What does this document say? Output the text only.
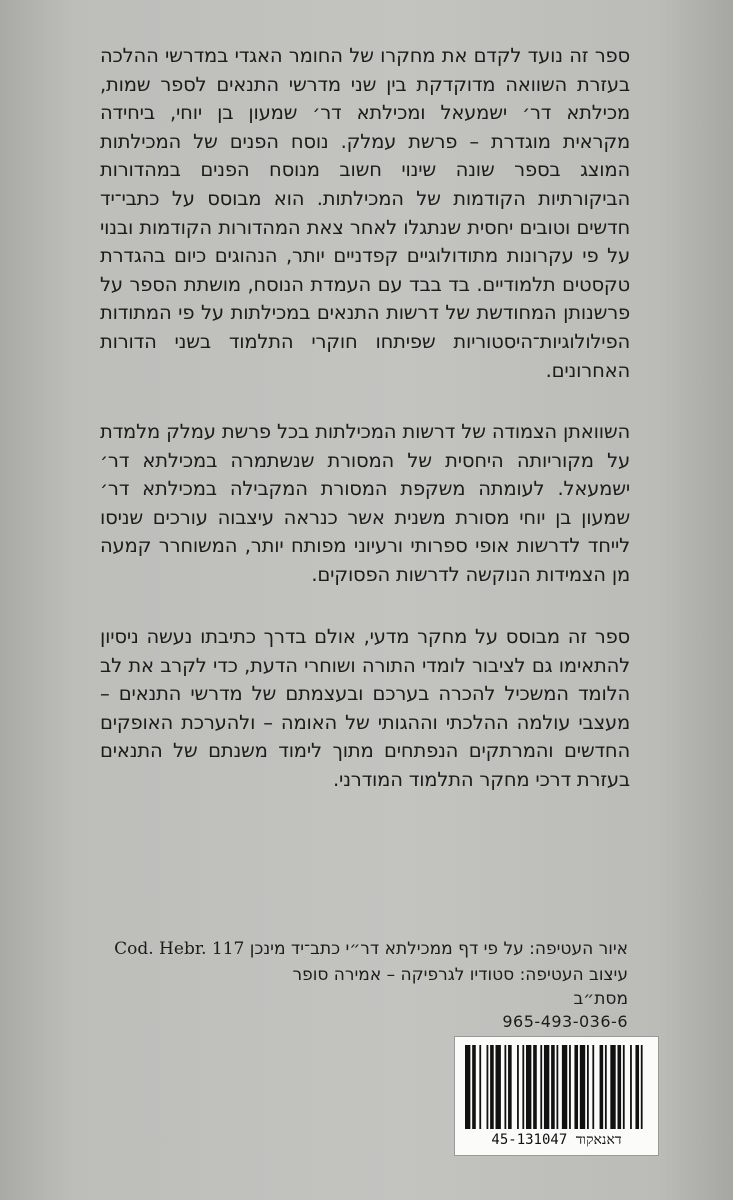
ספר זה נועד לקדם את מחקרו של החומר האגדי במדרשי ההלכה בעזרת השוואה מדוקדקת בין שני מדרשי התנאים לספר שמות, מכילתא דר׳ ישמעאל ומכילתא דר׳ שמעון בן יוחי, ביחידה מקראית מוגדרת – פרשת עמלק. נוסח הפנים של המכילתות המוצג בספר שונה שינוי חשוב מנוסח הפנים במהדורות הביקורתיות הקודמות של המכילתות. הוא מבוסס על כתבי־יד חדשים וטובים יחסית שנתגלו לאחר צאת המהדורות הקודמות ובנוי על פי עקרונות מתודולוגיים קפדניים יותר, הנהוגים כיום בהגדרת טקסטים תלמודיים. בד בבד עם העמדת הנוסח, מושתת הספר על פרשנותן המחודשת של דרשות התנאים במכילתות על פי המתודות הפילולוגיות־היסטוריות שפיתחו חוקרי התלמוד בשני הדורות האחרונים.

השוואתן הצמודה של דרשות המכילתות בכל פרשת עמלק מלמדת על מקוריותה היחסית של המסורת שנשתמרה במכילתא דר׳ ישמעאל. לעומתה משקפת המסורת המקבילה במכילתא דר׳ שמעון בן יוחי מסורת משנית אשר כנראה עיצבוה עורכים שניסו לייחד לדרשות אופי ספרותי ורעיוני מפותח יותר, המשוחרר קמעה מן הצמידות הנוקשה לדרשות הפסוקים.

ספר זה מבוסס על מחקר מדעי, אולם בדרך כתיבתו נעשה ניסיון להתאימו גם לציבור לומדי התורה ושוחרי הדעת, כדי לקרב את לב הלומד המשכיל להכרה בערכם ובעצמתם של מדרשי התנאים – מעצבי עולמה ההלכתי וההגותי של האומה – ולהערכת האופקים החדשים והמרתקים הנפתחים מתוך לימוד משנתם של התנאים בעזרת דרכי מחקר התלמוד המודרני.

איור העטיפה: על פי דף ממכילתא דר״י כתב־יד מינכן Cod. Hebr. 117

עיצוב העטיפה: סטודיו לגרפיקה – אמירה סופר

מסת״ב

965-493-036-6
דאנאקוד 45-131047
